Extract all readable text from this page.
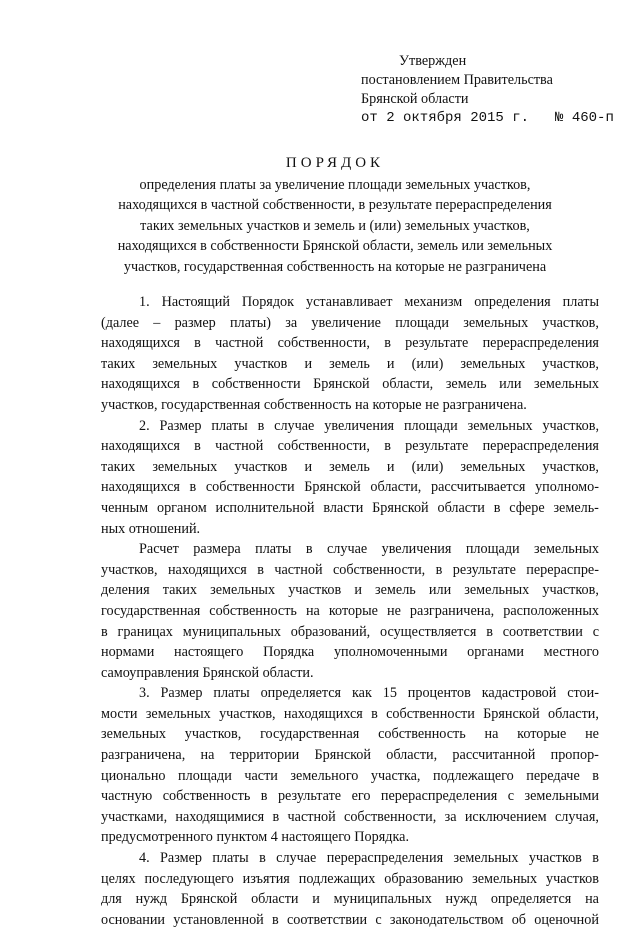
Утвержден
постановлением Правительства
Брянской области
от 2 октября 2015 г. № 460-п
ПОРЯДОК
определения платы за увеличение площади земельных участков,
находящихся в частной собственности, в результате перераспределения
таких земельных участков и земель и (или) земельных участков,
находящихся в собственности Брянской области, земель или земельных
участков, государственная собственность на которые не разграничена
1. Настоящий Порядок устанавливает механизм определения платы
(далее – размер платы) за увеличение площади земельных участков,
находящихся в частной собственности, в результате перераспределения
таких земельных участков и земель и (или) земельных участков,
находящихся в собственности Брянской области, земель или земельных
участков, государственная собственность на которые не разграничена.
2. Размер платы в случае увеличения площади земельных участков,
находящихся в частной собственности, в результате перераспределения
таких земельных участков и земель и (или) земельных участков,
находящихся в собственности Брянской области, рассчитывается уполномо-
ченным органом исполнительной власти Брянской области в сфере земель-
ных отношений.
Расчет размера платы в случае увеличения площади земельных
участков, находящихся в частной собственности, в результате перераспре-
деления таких земельных участков и земель или земельных участков,
государственная собственность на которые не разграничена, расположенных
в границах муниципальных образований, осуществляется в соответствии с
нормами настоящего Порядка уполномоченными органами местного
самоуправления Брянской области.
3. Размер платы определяется как 15 процентов кадастровой стои-
мости земельных участков, находящихся в собственности Брянской области,
земельных участков, государственная собственность на которые не
разграничена, на территории Брянской области, рассчитанной пропор-
ционально площади части земельного участка, подлежащего передаче в
частную собственность в результате его перераспределения с земельными
участками, находящимися в частной собственности, за исключением случая,
предусмотренного пунктом 4 настоящего Порядка.
4. Размер платы в случае перераспределения земельных участков в
целях последующего изъятия подлежащих образованию земельных участков
для нужд Брянской области и муниципальных нужд определяется на
основании установленной в соответствии с законодательством об оценочной
